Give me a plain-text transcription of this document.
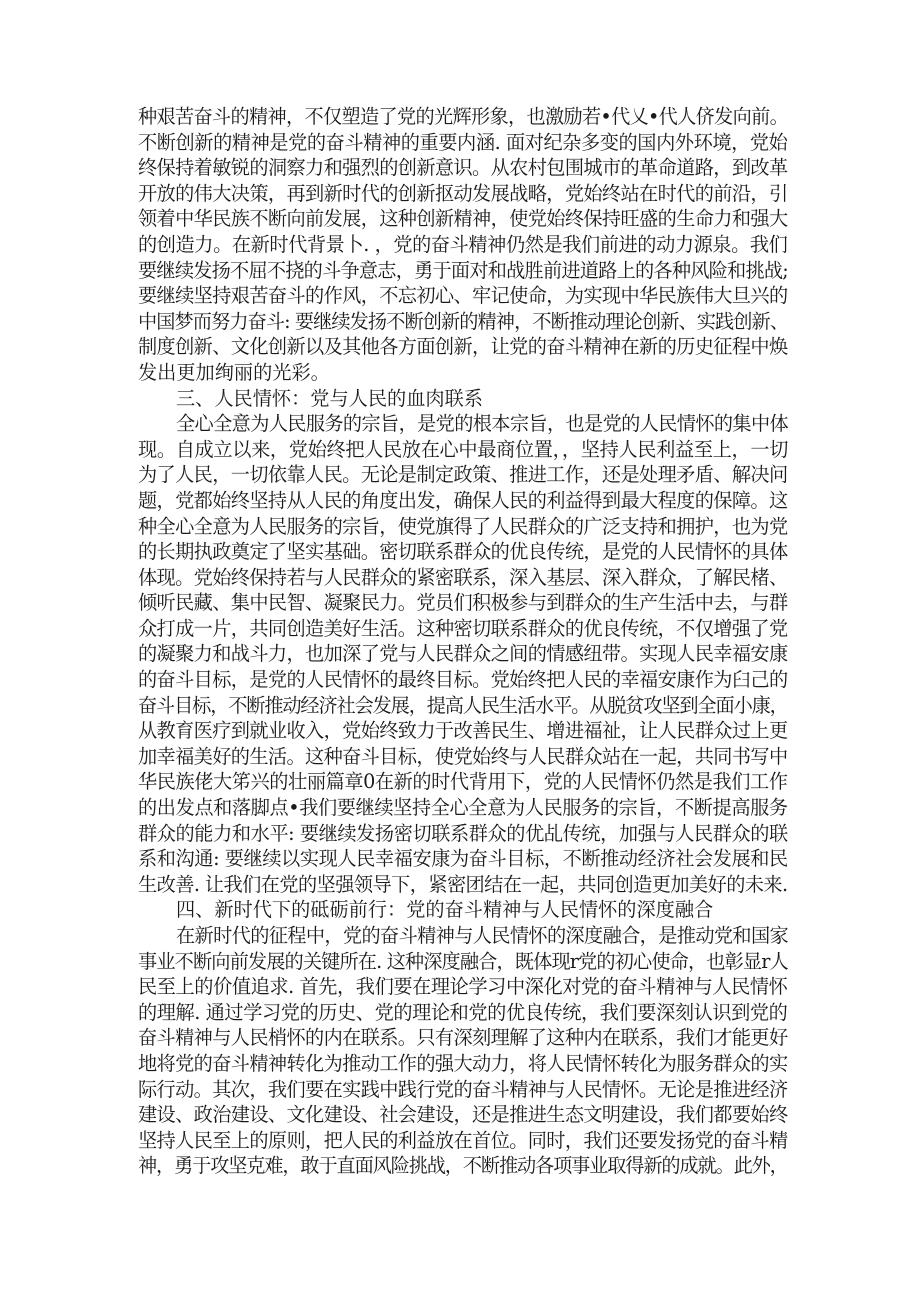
种艰苦奋斗的精神，不仅塑造了党的光辉形象，也激励若•代乂•代人侪发向前。
不断创新的精神是党的奋斗精神的重要内涵. 面对纪杂多变的国内外环境，党始
终保持着敏锐的洞察力和强烈的创新意识。从农村包围城市的革命道路，到改革
开放的伟大决策，再到新时代的创新抠动发展战略，党始终站在时代的前沿，引
领着中华民族不断向前发展，这种创新精神，使党始终保持旺盛的生命力和强大
的创造力。在新时代背景卜. ，党的奋斗精神仍然是我们前进的动力源泉。我们
要继续发扬不屈不挠的斗争意志，勇于面对和战胜前进道路上的各种风险和挑战;
要继续坚持艰苦奋斗的作风，不忘初心、牢记使命，为实现中华民族伟大旦兴的
中国梦而努力奋斗: 要继续发扬不断创新的精神，不断推动理论创新、实践创新、
制度创新、文化创新以及其他各方面创新，让党的奋斗精神在新的历史征程中焕
发出更加绚丽的光彩。
三、人民情怀：党与人民的血肉联系
全心全意为人民服务的宗旨，是党的根本宗旨，也是党的人民情怀的集中体
现。自成立以来，党始终把人民放在心中最商位置，，坚持人民利益至上，一切
为了人民，一切依靠人民。无论是制定政策、推进工作，还是处理矛盾、解决问
题，党都始终坚持从人民的角度出发，确保人民的利益得到最大程度的保障。这
种全心全意为人民服务的宗旨，使党旗得了人民群众的广泛支持和拥护，也为党
的长期执政奠定了坚实基础。密切联系群众的优良传统，是党的人民情怀的具体
体现。党始终保持若与人民群众的紧密联系，深入基层、深入群众，了解民楮、
倾听民藏、集中民智、凝聚民力。党员们积极参与到群众的生产生活中去，与群
众打成一片，共同创造美好生活。这种密切联系群众的优良传统，不仅增强了党
的凝聚力和战斗力，也加深了党与人民群众之间的情感纽带。实现人民幸福安康
的奋斗目标，是党的人民情怀的最终目标。党始终把人民的幸福安康作为臼己的
奋斗目标，不断推动经济社会发展，提高人民生活水平。从脱贫攻坚到全面小康，
从教育医疗到就业收入，党始终致力于改善民生、增进福祉，让人民群众过上更
加幸福美好的生活。这种奋斗目标，使党始终与人民群众站在一起，共同书写中
华民族佬大笫兴的壮丽篇章0在新的时代背用下，党的人民情怀仍然是我们工作
的出发点和落脚点•我们要继续坚持全心全意为人民服务的宗旨，不断提高服务
群众的能力和水平: 要继续发扬密切联系群众的优乩传统，加强与人民群众的联
系和沟通: 要继续以实现人民幸福安康为奋斗目标，不断推动经济社会发展和民
生改善. 让我们在党的坚强领导下，紧密团结在一起，共同创造更加美好的未来.
四、新时代下的砥砺前行：党的奋斗精神与人民情怀的深度融合
在新时代的征程中，党的奋斗精神与人民情怀的深度融合，是推动党和国家
事业不断向前发展的关键所在. 这种深度融合，既体现r党的初心使命，也彰显r人
民至上的价值追求. 首先，我们要在理论学习中深化对党的奋斗精神与人民情怀
的理解. 通过学习党的历史、党的理论和党的优良传统，我们要深刻认识到党的
奋斗精神与人民梢怀的内在联系。只有深刻理解了这种内在联系，我们才能更好
地将党的奋斗精神转化为推动工作的强大动力，将人民情怀转化为服务群众的实
际行动。其次，我们要在实践中践行党的奋斗精神与人民情怀。无论是推进经济
建设、政治建设、文化建设、社会建设，还是推进生态文明建设，我们都要始终
坚持人民至上的原则，把人民的利益放在首位。同时，我们还要发扬党的奋斗精
神，勇于攻坚克难，敢于直面风险挑战，不断推动各项事业取得新的成就。此外，
